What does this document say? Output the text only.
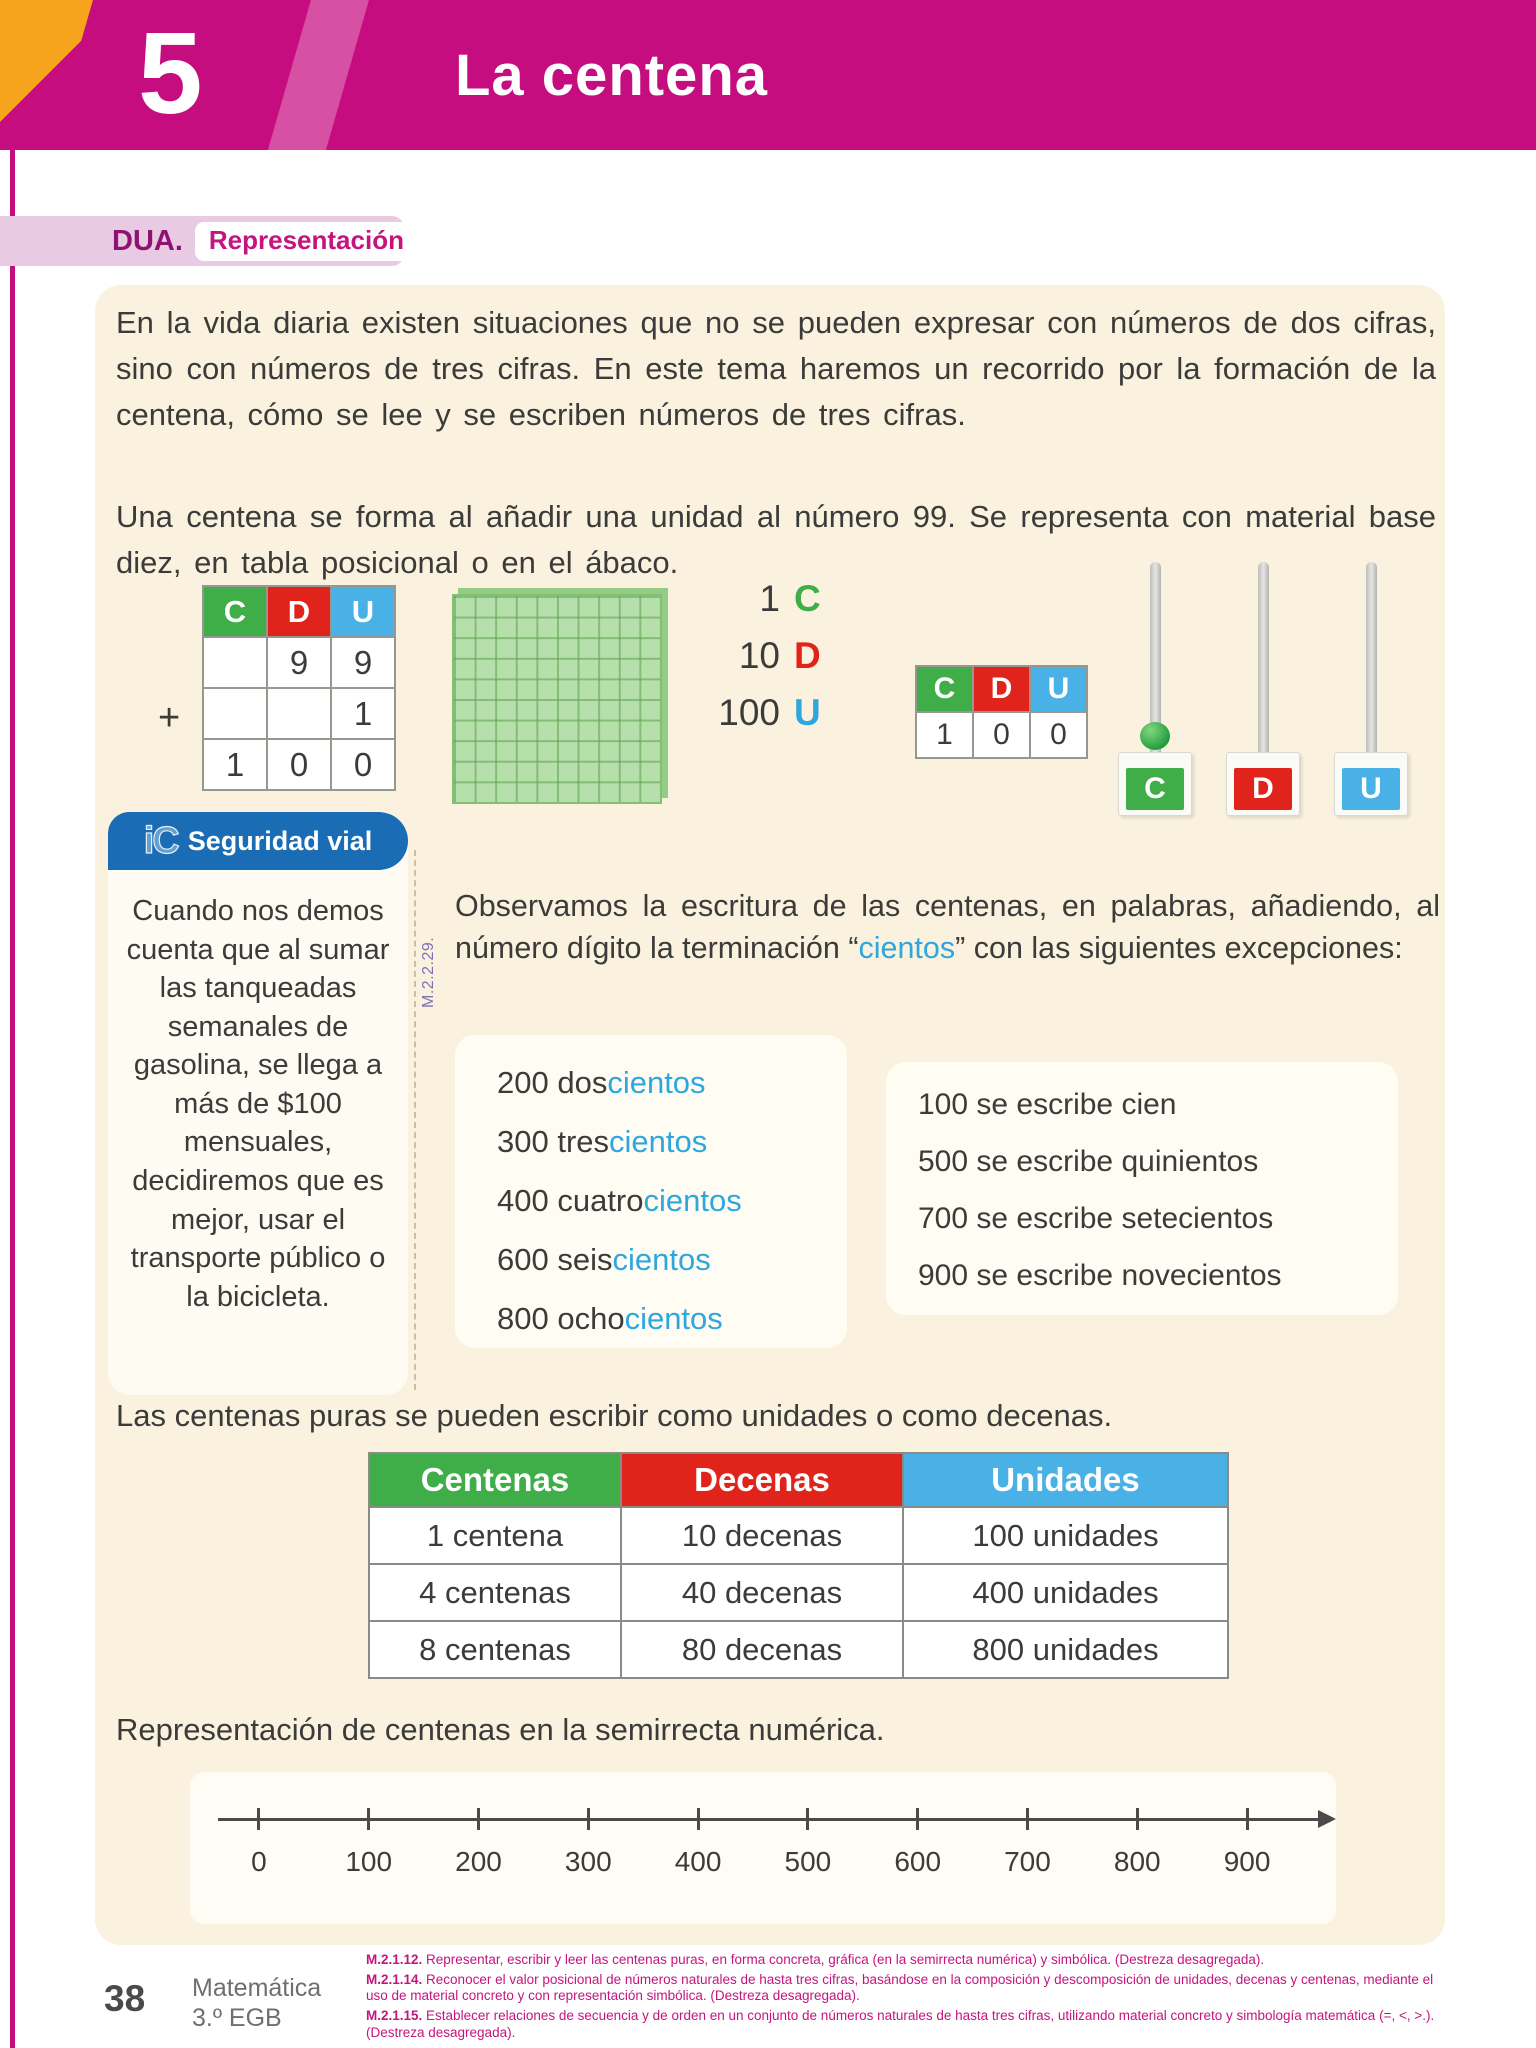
5	La centena
DUA.	Representación

En la vida diaria existen situaciones que no se pueden expresar con números de dos cifras, sino con números de tres cifras. En este tema haremos un recorrido por la formación de la centena, cómo se lee y se escriben números de tres cifras.

Una centena se forma al añadir una unidad al número 99. Se representa con material base diez, en tabla posicional o en el ábaco.

+
C	D	U
	9	9
		1
1	0	0
1 C
10 D
100 U
C	D	U
1	0	0
C	D	U
iC Seguridad vial

Cuando nos demos cuenta que al sumar las tanqueadas semanales de gasolina, se llega a más de $100 mensuales, decidiremos que es mejor, usar el transporte público o la bicicleta.

M.2.2.29.

Observamos la escritura de las centenas, en palabras, añadiendo, al número dígito la terminación “cientos” con las siguientes excepciones:

200 doscientos
300 trescientos
400 cuatrocientos
600 seiscientos
800 ochocientos
100 se escribe cien
500 se escribe quinientos
700 se escribe setecientos
900 se escribe novecientos

Las centenas puras se pueden escribir como unidades o como decenas.

Centenas	Decenas	Unidades
1 centena	10 decenas	100 unidades
4 centenas	40 decenas	400 unidades
8 centenas	80 decenas	800 unidades

Representación de centenas en la semirrecta numérica.

0	100 200 300 400 500 600 700 800 900
38 Matemática
3.º EGB

M.2.1.12. Representar, escribir y leer las centenas puras, en forma concreta, gráfica (en la semirrecta numérica) y simbólica. (Destreza desagregada).

M.2.1.14. Reconocer el valor posicional de números naturales de hasta tres cifras, basándose en la composición y descomposición de unidades, decenas y centenas, mediante el uso de material concreto y con representación simbólica. (Destreza desagregada).

M.2.1.15. Establecer relaciones de secuencia y de orden en un conjunto de números naturales de hasta tres cifras, utilizando material concreto y simbología matemática (=, <, >.). (Destreza desagregada).
